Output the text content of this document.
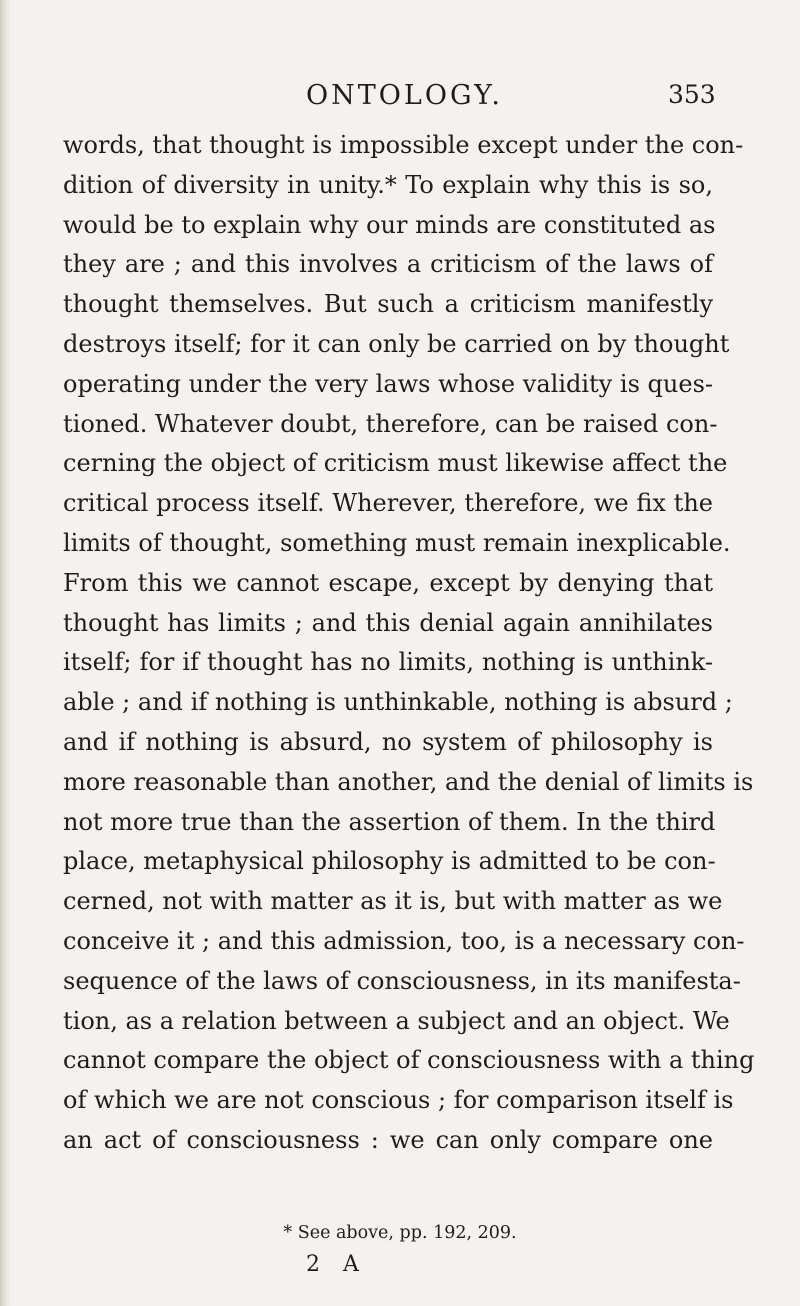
ONTOLOGY.	353
words, that thought is impossible except under the con-
dition of diversity in unity.* To explain why this is so,
would be to explain why our minds are constituted as
they are ; and this involves a criticism of the laws of
thought themselves. But such a criticism manifestly
destroys itself; for it can only be carried on by thought
operating under the very laws whose validity is ques-
tioned. Whatever doubt, therefore, can be raised con-
cerning the object of criticism must likewise affect the
critical process itself. Wherever, therefore, we fix the
limits of thought, something must remain inexplicable.
From this we cannot escape, except by denying that
thought has limits ; and this denial again annihilates
itself; for if thought has no limits, nothing is unthink-
able ; and if nothing is unthinkable, nothing is absurd ;
and if nothing is absurd, no system of philosophy is
more reasonable than another, and the denial of limits is
not more true than the assertion of them. In the third
place, metaphysical philosophy is admitted to be con-
cerned, not with matter as it is, but with matter as we
conceive it ; and this admission, too, is a necessary con-
sequence of the laws of consciousness, in its manifesta-
tion, as a relation between a subject and an object. We
cannot compare the object of consciousness with a thing
of which we are not conscious ; for comparison itself is
an act of consciousness : we can only compare one
* See above, pp. 192, 209.
2 A
